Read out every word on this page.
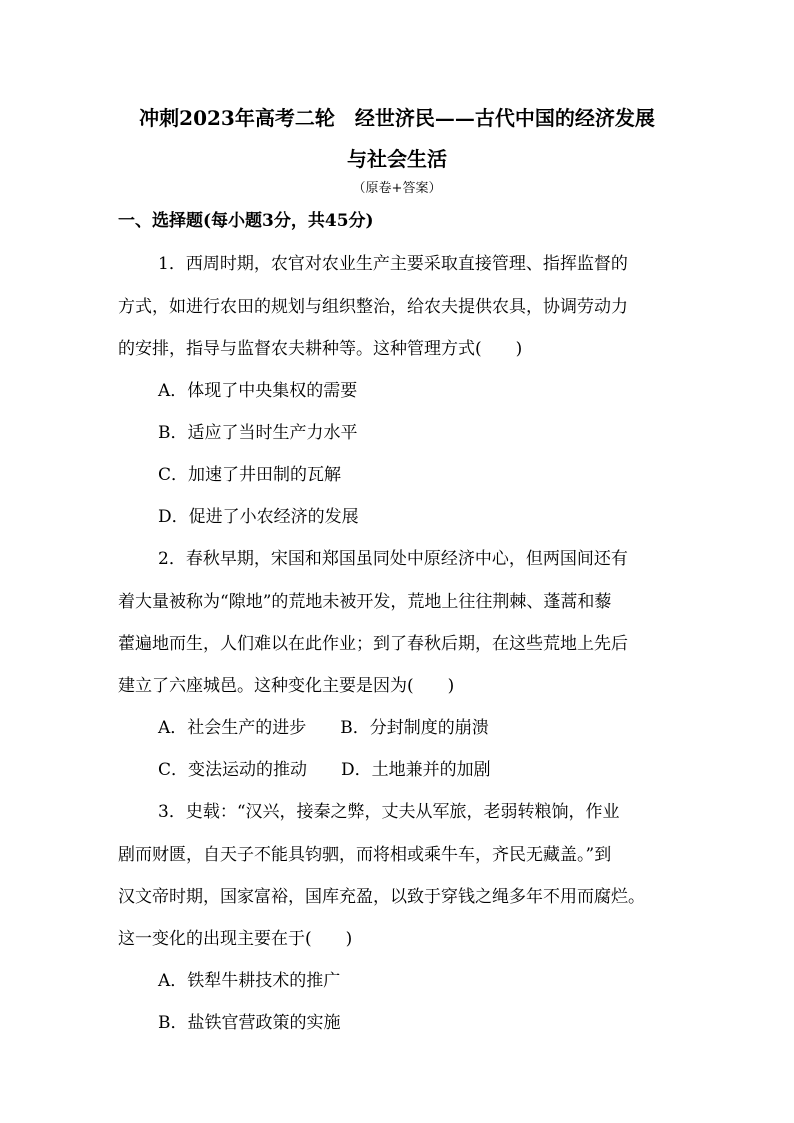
冲刺2023年高考二轮　经世济民——古代中国的经济发展
与社会生活
（原卷+答案）
一、选择题(每小题3分，共45分)
1．西周时期，农官对农业生产主要采取直接管理、指挥监督的
方式，如进行农田的规划与组织整治，给农夫提供农具，协调劳动力
的安排，指导与监督农夫耕种等。这种管理方式(　　)
A．体现了中央集权的需要
B．适应了当时生产力水平
C．加速了井田制的瓦解
D．促进了小农经济的发展
2．春秋早期，宋国和郑国虽同处中原经济中心，但两国间还有
着大量被称为“隙地”的荒地未被开发，荒地上往往荆棘、蓬蒿和藜
藿遍地而生，人们难以在此作业；到了春秋后期，在这些荒地上先后
建立了六座城邑。这种变化主要是因为(　　)
A．社会生产的进步 B．分封制度的崩溃
C．变法运动的推动 D．土地兼并的加剧
3．史载：“汉兴，接秦之弊，丈夫从军旅，老弱转粮饷，作业
剧而财匮，自天子不能具钧驷，而将相或乘牛车，齐民无藏盖。”到
汉文帝时期，国家富裕，国库充盈，以致于穿钱之绳多年不用而腐烂。
这一变化的出现主要在于(　　)
A．铁犁牛耕技术的推广
B．盐铁官营政策的实施
